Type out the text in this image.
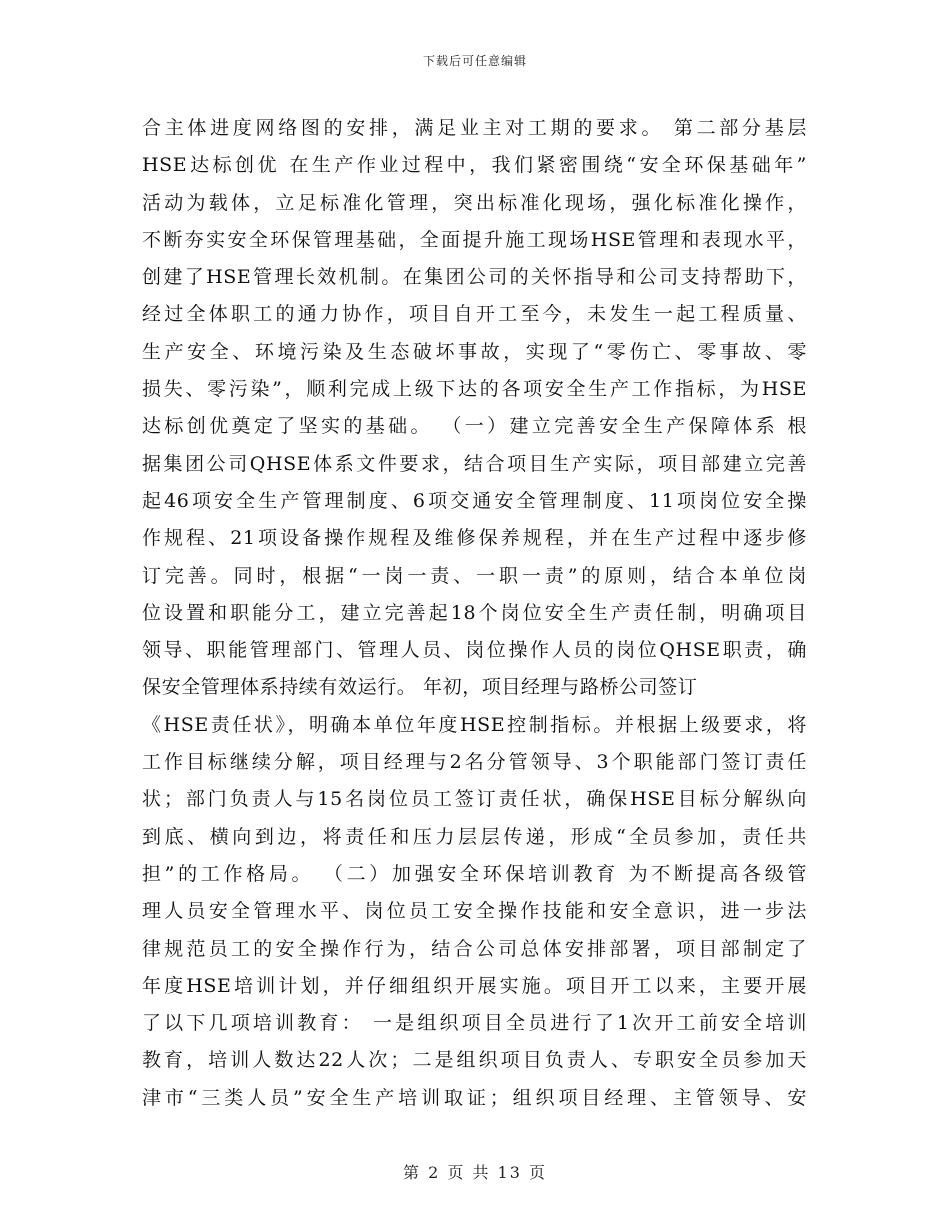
下载后可任意编辑
合主体进度网络图的安排，满足业主对工期的要求。 第二部分基层
HSE达标创优 在生产作业过程中，我们紧密围绕“安全环保基础年”
活动为载体，立足标准化管理，突出标准化现场，强化标准化操作，
不断夯实安全环保管理基础，全面提升施工现场HSE管理和表现水平，
创建了HSE管理长效机制。在集团公司的关怀指导和公司支持帮助下，
经过全体职工的通力协作，项目自开工至今，未发生一起工程质量、
生产安全、环境污染及生态破坏事故，实现了“零伤亡、零事故、零
损失、零污染”，顺利完成上级下达的各项安全生产工作指标，为HSE
达标创优奠定了坚实的基础。 （一）建立完善安全生产保障体系 根
据集团公司QHSE体系文件要求，结合项目生产实际，项目部建立完善
起46项安全生产管理制度、6项交通安全管理制度、11项岗位安全操
作规程、21项设备操作规程及维修保养规程，并在生产过程中逐步修
订完善。同时，根据“一岗一责、一职一责”的原则，结合本单位岗
位设置和职能分工，建立完善起18个岗位安全生产责任制，明确项目
领导、职能管理部门、管理人员、岗位操作人员的岗位QHSE职责，确
保安全管理体系持续有效运行。 年初，项目经理与路桥公司签订
《HSE责任状》，明确本单位年度HSE控制指标。并根据上级要求，将
工作目标继续分解，项目经理与2名分管领导、3个职能部门签订责任
状；部门负责人与15名岗位员工签订责任状，确保HSE目标分解纵向
到底、横向到边，将责任和压力层层传递，形成“全员参加，责任共
担”的工作格局。 （二）加强安全环保培训教育 为不断提高各级管
理人员安全管理水平、岗位员工安全操作技能和安全意识，进一步法
律规范员工的安全操作行为，结合公司总体安排部署，项目部制定了
年度HSE培训计划，并仔细组织开展实施。项目开工以来，主要开展
了以下几项培训教育： 一是组织项目全员进行了1次开工前安全培训
教育，培训人数达22人次；二是组织项目负责人、专职安全员参加天
津市“三类人员”安全生产培训取证；组织项目经理、主管领导、安
第 2 页 共 13 页
